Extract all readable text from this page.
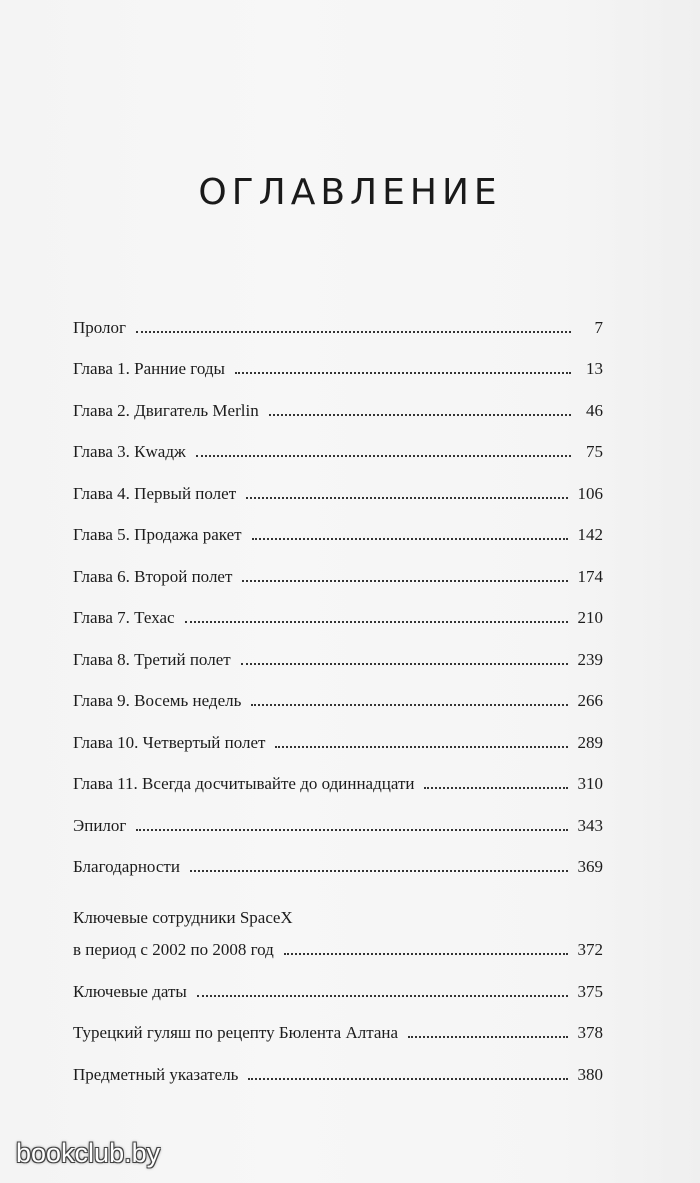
ОГЛАВЛЕНИЕ
Пролог	7
Глава 1. Ранние годы	13
Глава 2. Двигатель Merlin	46
Глава 3. Кwадж	75
Глава 4. Первый полет	106
Глава 5. Продажа ракет	142
Глава 6. Второй полет	174
Глава 7. Техас	210
Глава 8. Третий полет	239
Глава 9. Восемь недель	266
Глава 10. Четвертый полет	289
Глава 11. Всегда досчитывайте до одиннадцати	310
Эпилог	343
Благодарности	369
Ключевые сотрудники SpaceX
в период с 2002 по 2008 год	372
Ключевые даты	375
Турецкий гуляш по рецепту Бюлента Алтана	378
Предметный указатель	380
bookclub.by
